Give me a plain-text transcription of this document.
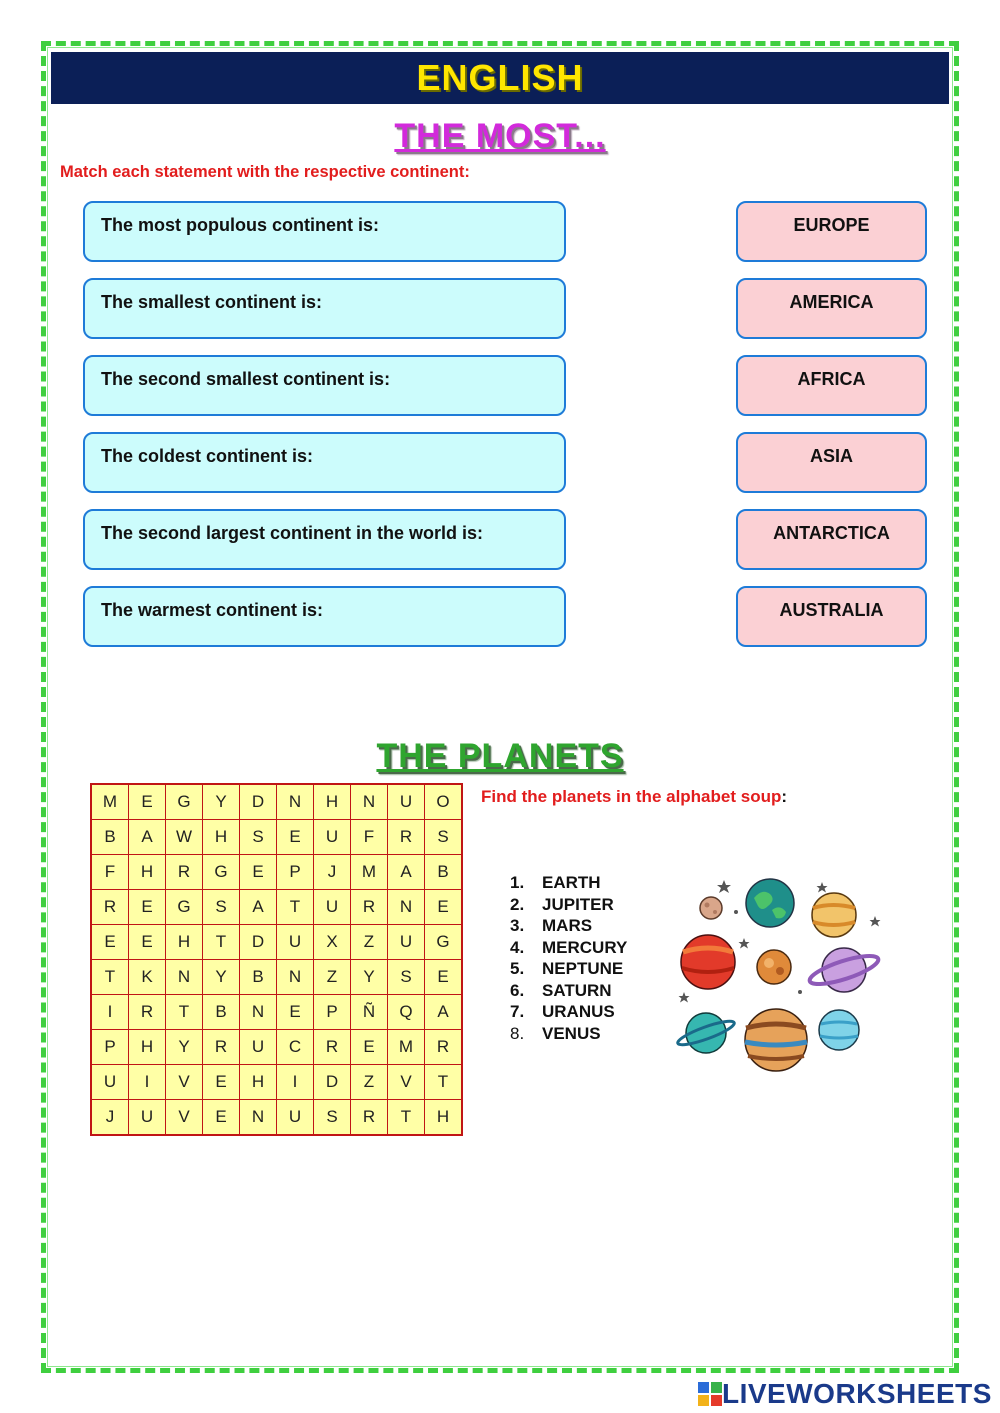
ENGLISH
THE MOST...
Match each statement with the respective continent:
The most populous continent is:
The smallest continent is:
The second smallest continent is:
The coldest continent is:
The second largest continent in the world is:
The warmest continent is:
EUROPE
AMERICA
AFRICA
ASIA
ANTARCTICA
AUSTRALIA
THE PLANETS
M	E	G	Y	D	N	H	N	U	O
B	A	W	H	S	E	U	F	R	S
F	H	R	G	E	P	J	M	A	B
R	E	G	S	A	T	U	R	N	E
E	E	H	T	D	U	X	Z	U	G
T	K	N	Y	B	N	Z	Y	S	E
I	R	T	B	N	E	P	Ñ	Q	A
P	H	Y	R	U	C	R	E	M	R
U	I	V	E	H	I	D	Z	V	T
J	U	V	E	N	U	S	R	T	H
Find the planets in the alphabet soup:
1.	EARTH
2.	JUPITER
3.	MARS
4.	MERCURY
5.	NEPTUNE
6.	SATURN
7.	URANUS
8.	VENUS
LIVEWORKSHEETS
